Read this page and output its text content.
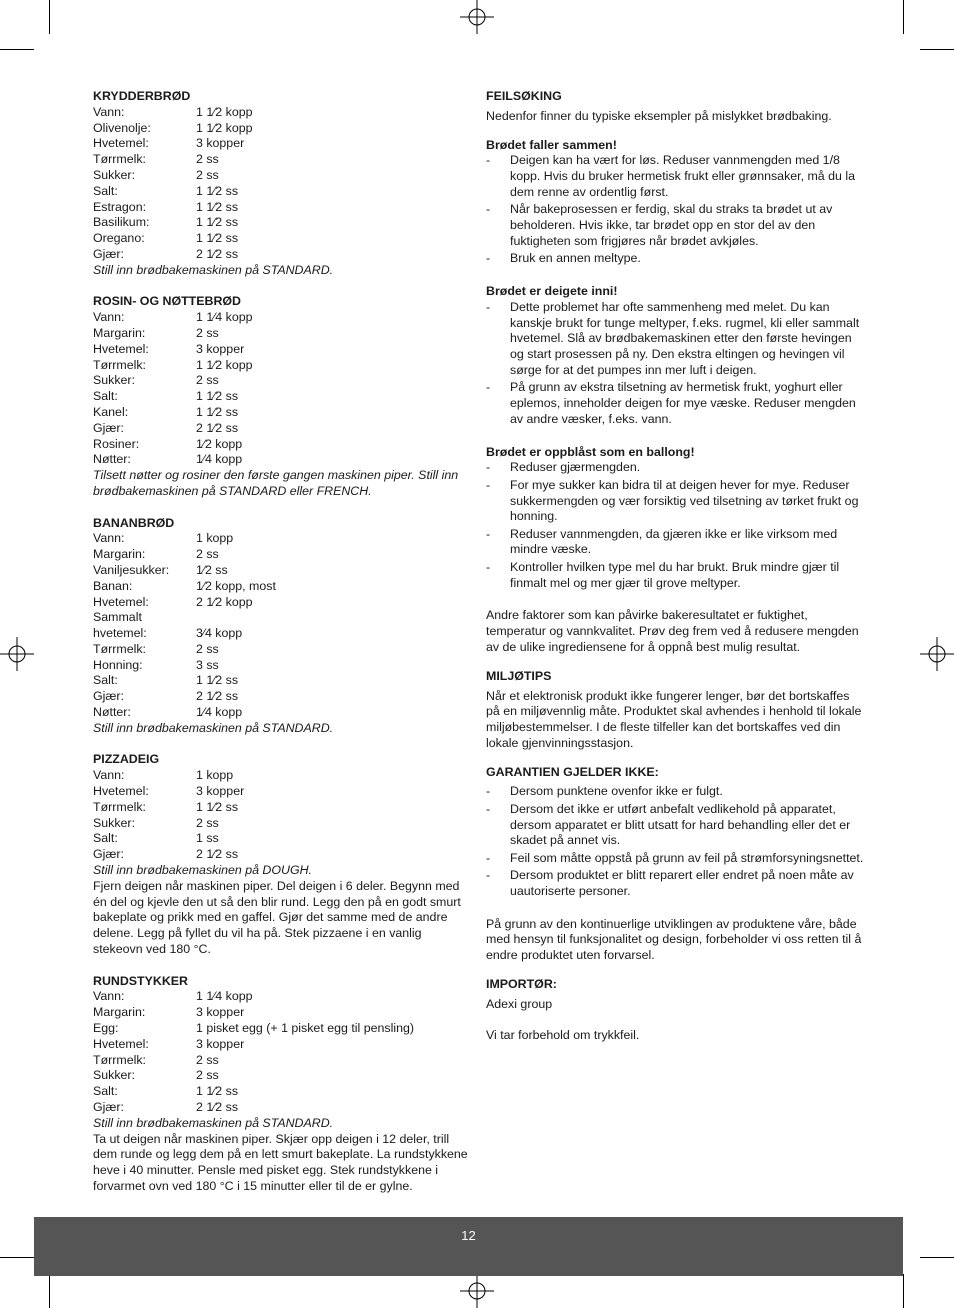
KRYDDERBRØD
Vann:	1 1⁄2 kopp
Olivenolje:	1 1⁄2 kopp
Hvetemel:	3 kopper
Tørrmelk:	2 ss
Sukker:	2 ss
Salt:	1 1⁄2 ss
Estragon:	1 1⁄2 ss
Basilikum:	1 1⁄2 ss
Oregano:	1 1⁄2 ss
Gjær:	2 1⁄2 ss
Still inn brødbakemaskinen på STANDARD.
ROSIN- OG NØTTEBRØD
Vann:	1 1⁄4 kopp
Margarin:	2 ss
Hvetemel:	3 kopper
Tørrmelk:	1 1⁄2 kopp
Sukker:	2 ss
Salt:	1 1⁄2 ss
Kanel:	1 1⁄2 ss
Gjær:	2 1⁄2 ss
Rosiner:	1⁄2 kopp
Nøtter:	1⁄4 kopp
Tilsett nøtter og rosiner den første gangen maskinen piper. Still inn brødbakemaskinen på STANDARD eller FRENCH.
BANANBRØD
Vann:	1 kopp
Margarin:	2 ss
Vaniljesukker:	1⁄2 ss
Banan:	1⁄2 kopp, most
Hvetemel:	2 1⁄2 kopp
Sammalt
hvetemel:	3⁄4 kopp
Tørrmelk:	2 ss
Honning:	3 ss
Salt:	1 1⁄2 ss
Gjær:	2 1⁄2 ss
Nøtter:	1⁄4 kopp
Still inn brødbakemaskinen på STANDARD.
PIZZADEIG
Vann:	1 kopp
Hvetemel:	3 kopper
Tørrmelk:	1 1⁄2 ss
Sukker:	2 ss
Salt:	1 ss
Gjær:	2 1⁄2 ss
Still inn brødbakemaskinen på DOUGH.
Fjern deigen når maskinen piper. Del deigen i 6 deler. Begynn med én del og kjevle den ut så den blir rund. Legg den på en godt smurt bakeplate og prikk med en gaffel. Gjør det samme med de andre delene. Legg på fyllet du vil ha på. Stek pizzaene i en vanlig stekeovn ved 180 °C.
RUNDSTYKKER
Vann:	1 1⁄4 kopp
Margarin:	3 kopper
Egg:	1 pisket egg (+ 1 pisket egg til pensling)
Hvetemel:	3 kopper
Tørrmelk:	2 ss
Sukker:	2 ss
Salt:	1 1⁄2 ss
Gjær:	2 1⁄2 ss
Still inn brødbakemaskinen på STANDARD.
Ta ut deigen når maskinen piper. Skjær opp deigen i 12 deler, trill dem runde og legg dem på en lett smurt bakeplate. La rundstykkene heve i 40 minutter. Pensle med pisket egg. Stek rundstykkene i forvarmet ovn ved 180 °C i 15 minutter eller til de er gylne.
FEILSØKING
Nedenfor finner du typiske eksempler på mislykket brødbaking.
Brødet faller sammen!
-	Deigen kan ha vært for løs. Reduser vannmengden med 1/8 kopp. Hvis du bruker hermetisk frukt eller grønnsaker, må du la dem renne av ordentlig først.
-	Når bakeprosessen er ferdig, skal du straks ta brødet ut av beholderen. Hvis ikke, tar brødet opp en stor del av den fuktigheten som frigjøres når brødet avkjøles.
-	Bruk en annen meltype.
Brødet er deigete inni!
-	Dette problemet har ofte sammenheng med melet. Du kan kanskje brukt for tunge meltyper, f.eks. rugmel, kli eller sammalt hvetemel. Slå av brødbakemaskinen etter den første hevingen og start prosessen på ny. Den ekstra eltingen og hevingen vil sørge for at det pumpes inn mer luft i deigen.
-	På grunn av ekstra tilsetning av hermetisk frukt, yoghurt eller eplemos, inneholder deigen for mye væske. Reduser mengden av andre væsker, f.eks. vann.
Brødet er oppblåst som en ballong!
-	Reduser gjærmengden.
-	For mye sukker kan bidra til at deigen hever for mye. Reduser sukkermengden og vær forsiktig ved tilsetning av tørket frukt og honning.
-	Reduser vannmengden, da gjæren ikke er like virksom med mindre væske.
-	Kontroller hvilken type mel du har brukt. Bruk mindre gjær til finmalt mel og mer gjær til grove meltyper.
Andre faktorer som kan påvirke bakeresultatet er fuktighet, temperatur og vannkvalitet. Prøv deg frem ved å redusere mengden av de ulike ingrediensene for å oppnå best mulig resultat.
MILJØTIPS
Når et elektronisk produkt ikke fungerer lenger, bør det bortskaffes på en miljøvennlig måte. Produktet skal avhendes i henhold til lokale miljøbestemmelser. I de fleste tilfeller kan det bortskaffes ved din lokale gjenvinningsstasjon.
GARANTIEN GJELDER IKKE:
-	Dersom punktene ovenfor ikke er fulgt.
-	Dersom det ikke er utført anbefalt vedlikehold på apparatet, dersom apparatet er blitt utsatt for hard behandling eller det er skadet på annet vis.
-	Feil som måtte oppstå på grunn av feil på strømforsyningsnettet.
-	Dersom produktet er blitt reparert eller endret på noen måte av uautoriserte personer.
På grunn av den kontinuerlige utviklingen av produktene våre, både med hensyn til funksjonalitet og design, forbeholder vi oss retten til å endre produktet uten forvarsel.
IMPORTØR:
Adexi group
Vi tar forbehold om trykkfeil.
12
